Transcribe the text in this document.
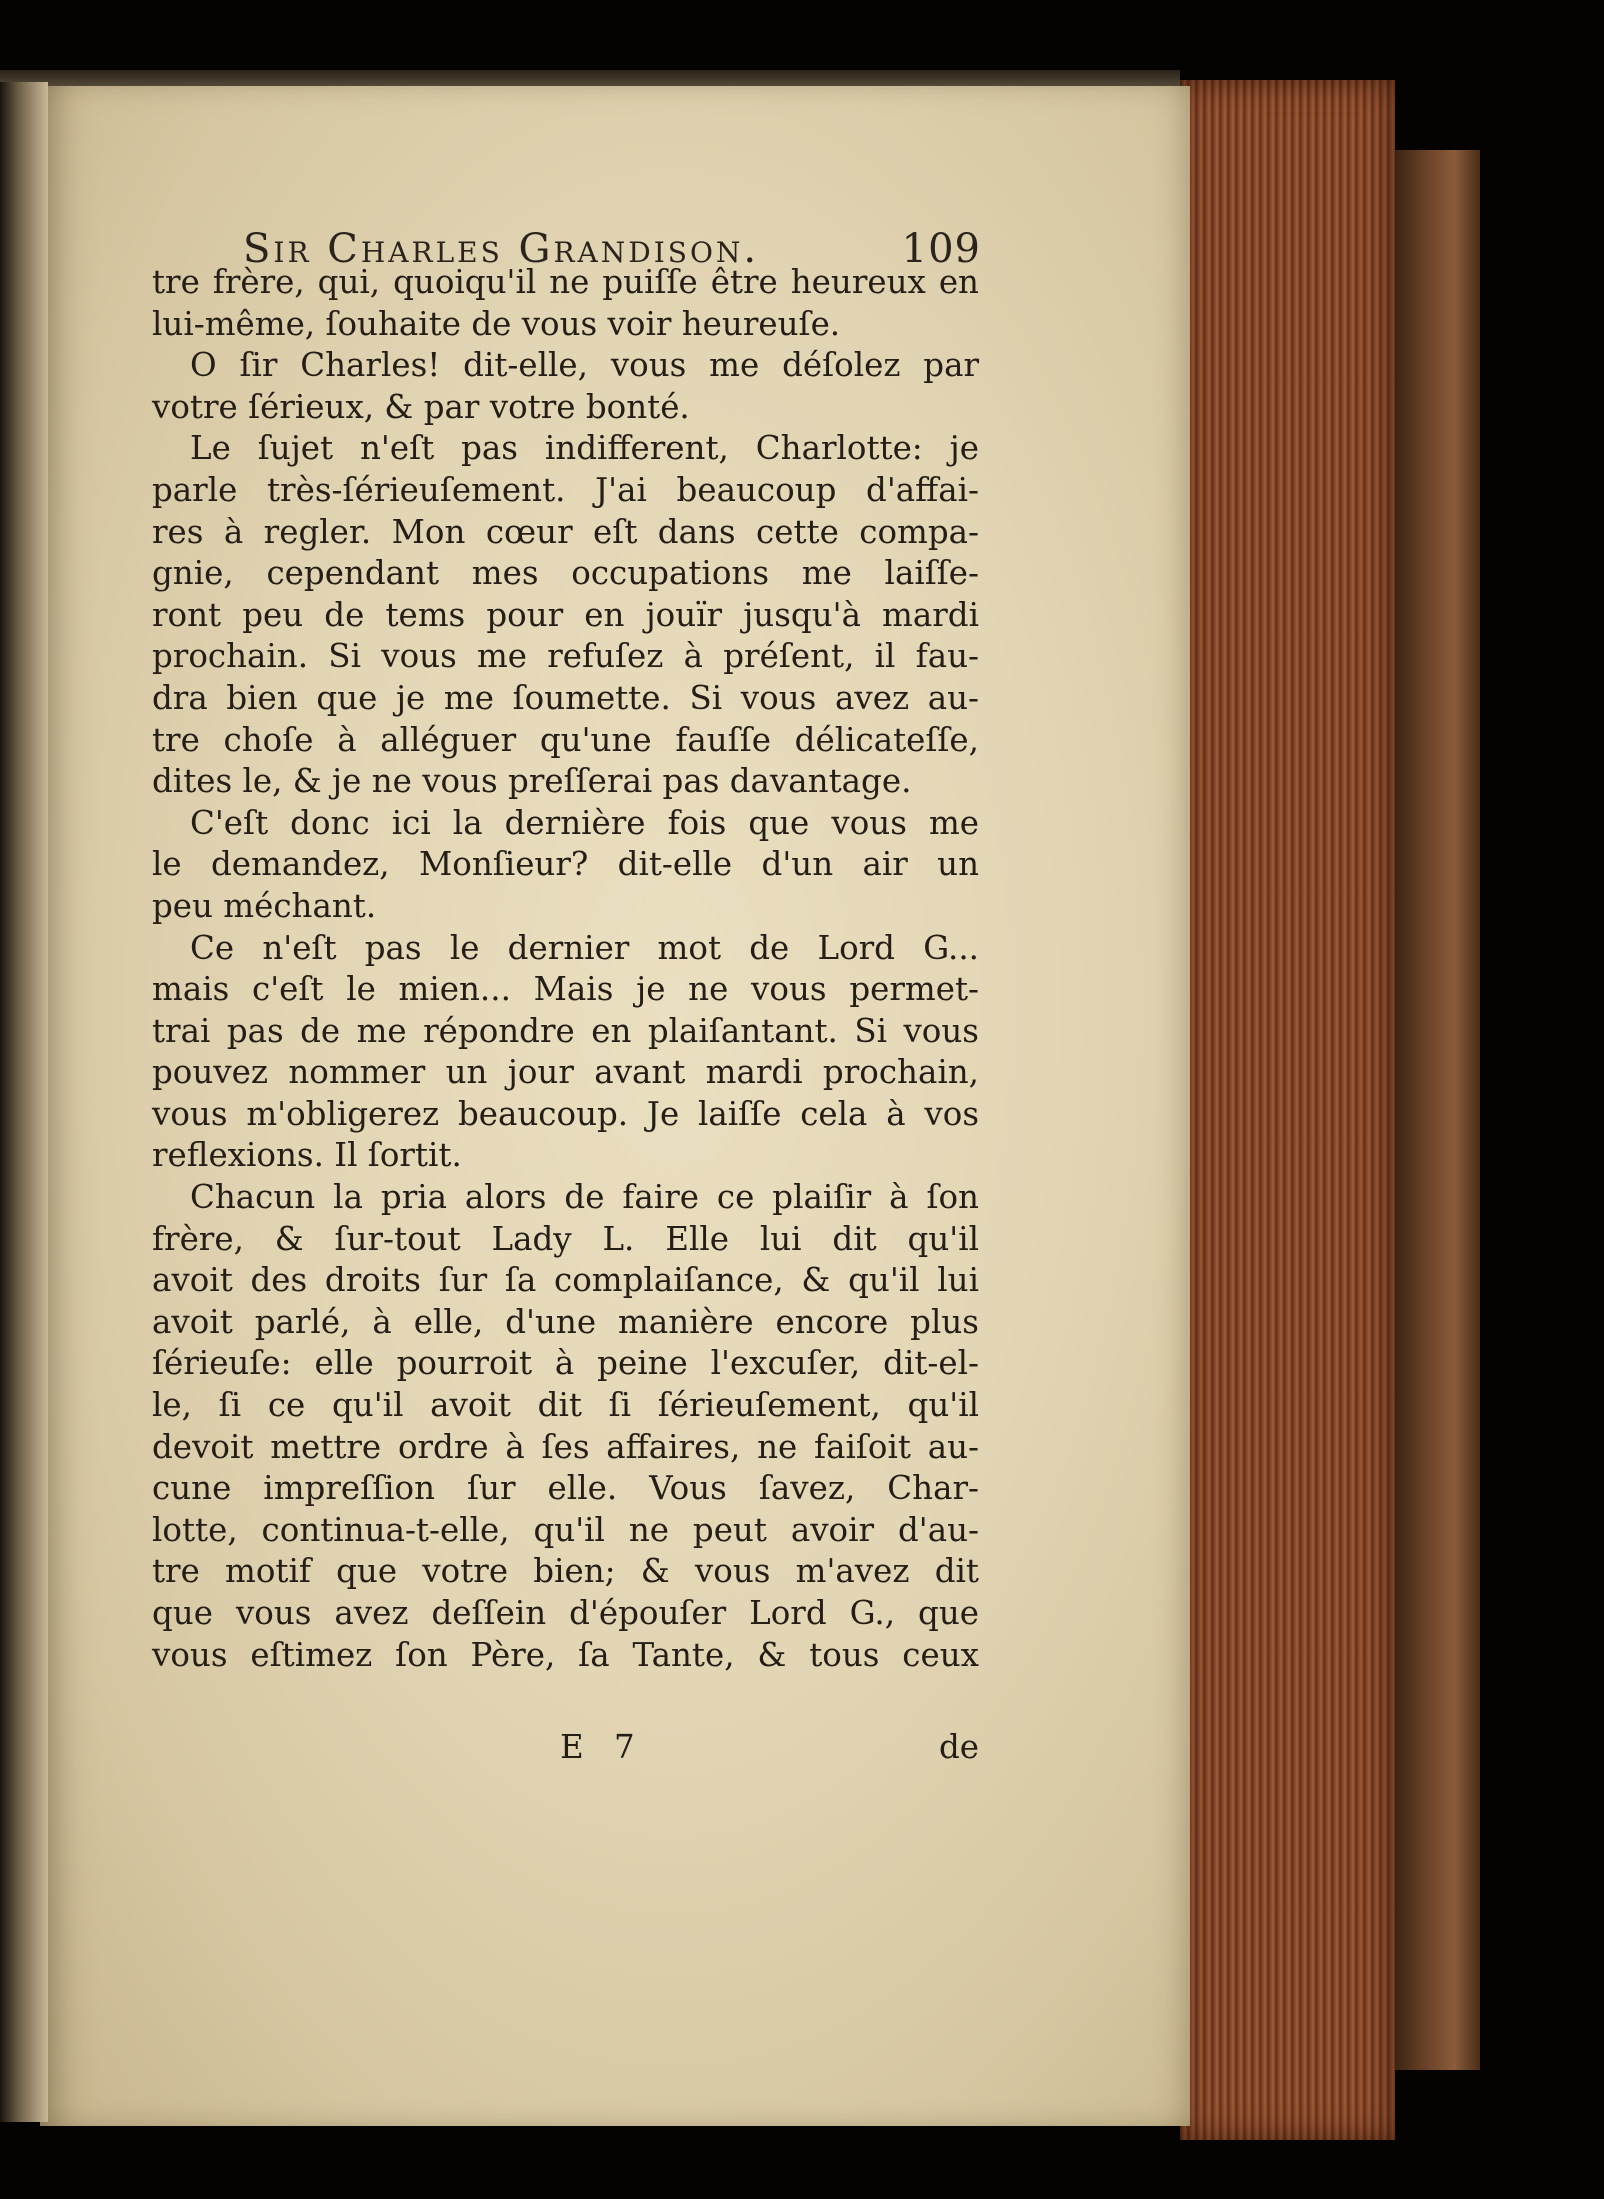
Sir Charles Grandison.	109
tre frère, qui, quoiqu'il ne puiſſe être heureux en
lui-même, ſouhaite de vous voir heureuſe.
O ſir Charles! dit-elle, vous me déſolez par
votre ſérieux, & par votre bonté.
Le ſujet n'eſt pas indifferent, Charlotte: je
parle très-ſérieuſement. J'ai beaucoup d'affai-
res à regler. Mon cœur eſt dans cette compa-
gnie, cependant mes occupations me laiſſe-
ront peu de tems pour en jouïr jusqu'à mardi
prochain. Si vous me refuſez à préſent, il fau-
dra bien que je me ſoumette. Si vous avez au-
tre choſe à alléguer qu'une fauſſe délicateſſe,
dites le, & je ne vous preſſerai pas davantage.
C'eſt donc ici la dernière fois que vous me
le demandez, Monſieur? dit-elle d'un air un
peu méchant.
Ce n'eſt pas le dernier mot de Lord G...
mais c'eſt le mien... Mais je ne vous permet-
trai pas de me répondre en plaiſantant. Si vous
pouvez nommer un jour avant mardi prochain,
vous m'obligerez beaucoup. Je laiſſe cela à vos
reflexions. Il ſortit.
Chacun la pria alors de faire ce plaiſir à ſon
frère, & ſur-tout Lady L. Elle lui dit qu'il
avoit des droits ſur ſa complaiſance, & qu'il lui
avoit parlé, à elle, d'une manière encore plus
ſérieuſe: elle pourroit à peine l'excuſer, dit-el-
le, ſi ce qu'il avoit dit ſi ſérieuſement, qu'il
devoit mettre ordre à ſes affaires, ne faiſoit au-
cune impreſſion ſur elle. Vous ſavez, Char-
lotte, continua-t-elle, qu'il ne peut avoir d'au-
tre motif que votre bien; & vous m'avez dit
que vous avez deſſein d'épouſer Lord G., que
vous eſtimez ſon Père, ſa Tante, & tous ceux
E 7	de
